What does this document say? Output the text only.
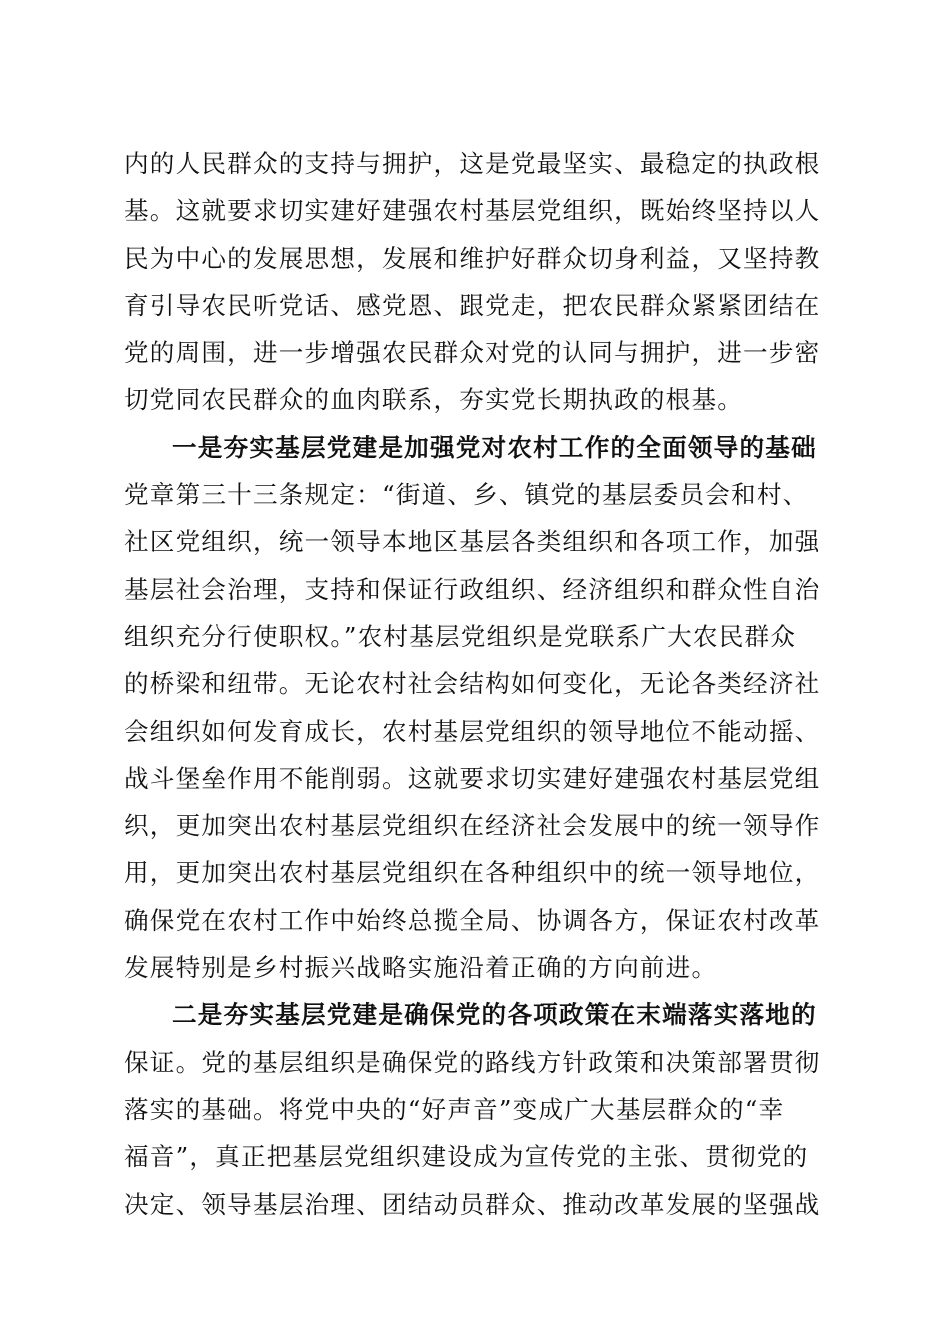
内的人民群众的支持与拥护，这是党最坚实、最稳定的执政根
基。这就要求切实建好建强农村基层党组织，既始终坚持以人
民为中心的发展思想，发展和维护好群众切身利益，又坚持教
育引导农民听党话、感党恩、跟党走，把农民群众紧紧团结在
党的周围，进一步增强农民群众对党的认同与拥护，进一步密
切党同农民群众的血肉联系，夯实党长期执政的根基。
一是夯实基层党建是加强党对农村工作的全面领导的基础
党章第三十三条规定：“街道、乡、镇党的基层委员会和村、
社区党组织，统一领导本地区基层各类组织和各项工作，加强
基层社会治理，支持和保证行政组织、经济组织和群众性自治
组织充分行使职权。”农村基层党组织是党联系广大农民群众
的桥梁和纽带。无论农村社会结构如何变化，无论各类经济社
会组织如何发育成长，农村基层党组织的领导地位不能动摇、
战斗堡垒作用不能削弱。这就要求切实建好建强农村基层党组
织，更加突出农村基层党组织在经济社会发展中的统一领导作
用，更加突出农村基层党组织在各种组织中的统一领导地位，
确保党在农村工作中始终总揽全局、协调各方，保证农村改革
发展特别是乡村振兴战略实施沿着正确的方向前进。
二是夯实基层党建是确保党的各项政策在末端落实落地的
保证。党的基层组织是确保党的路线方针政策和决策部署贯彻
落实的基础。将党中央的“好声音”变成广大基层群众的“幸
福音”，真正把基层党组织建设成为宣传党的主张、贯彻党的
决定、领导基层治理、团结动员群众、推动改革发展的坚强战
